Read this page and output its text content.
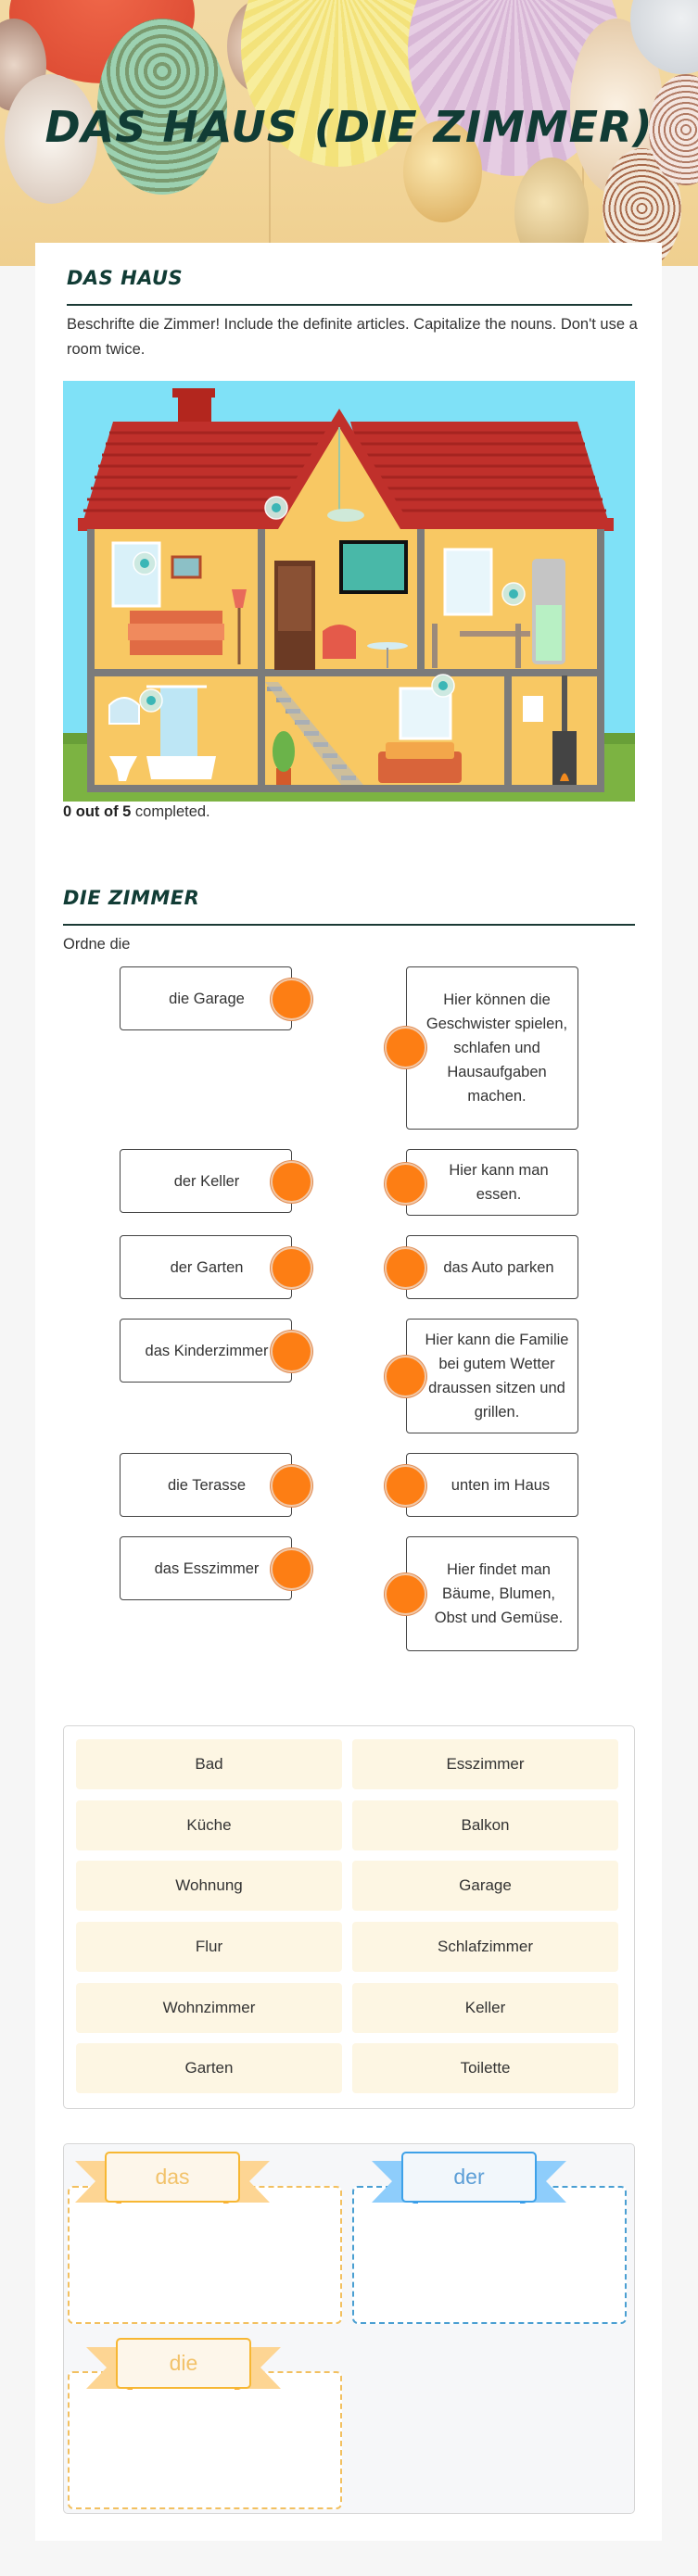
DAS HAUS (DIE ZIMMER)
DAS HAUS
Beschrifte die Zimmer! Include the definite articles. Capitalize the nouns. Don't use a room twice.
0 out of 5 completed.
DIE ZIMMER
Ordne die
die Garage
der Keller
der Garten
das Kinderzimmer
die Terasse
das Esszimmer
Hier können die Geschwister spielen, schlafen und Hausaufgaben machen.
Hier kann man essen.
das Auto parken
Hier kann die Familie bei gutem Wetter draussen sitzen und grillen.
unten im Haus
Hier findet man Bäume, Blumen, Obst und Gemüse.
Bad	Esszimmer
Küche	Balkon
Wohnung	Garage
Flur	Schlafzimmer
Wohnzimmer	Keller
Garten	Toilette
das	der
die
